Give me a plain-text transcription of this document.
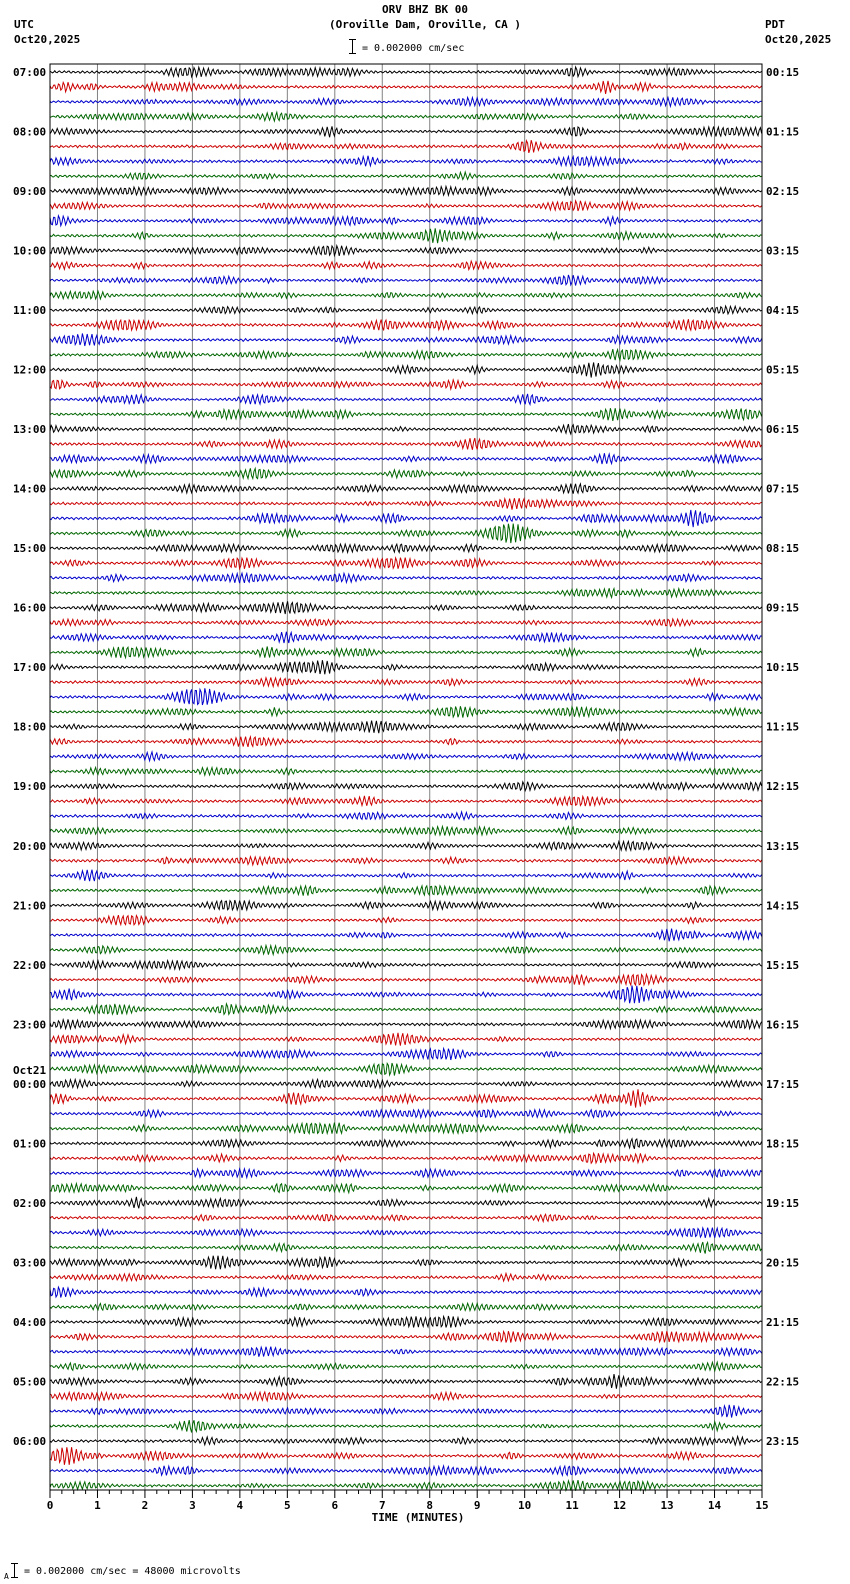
ORV BHZ BK 00
(Oroville Dam, Oroville, CA )
UTC
Oct20,2025
PDT
Oct20,2025
= 0.002000 cm/sec
07:00
08:00
09:00
10:00
11:00
12:00
13:00
14:00
15:00
16:00
17:00
18:00
19:00
20:00
21:00
22:00
23:00
00:00
01:00
02:00
03:00
04:00
05:00
06:00
00:15
01:15
02:15
03:15
04:15
05:15
06:15
07:15
08:15
09:15
10:15
11:15
12:15
13:15
14:15
15:15
16:15
17:15
18:15
19:15
20:15
21:15
22:15
23:15
Oct21
0	1	2	3	4	5	6	7	8	9	10	11	12	13	14	15
TIME (MINUTES)
A = 0.002000 cm/sec = 48000 microvolts
